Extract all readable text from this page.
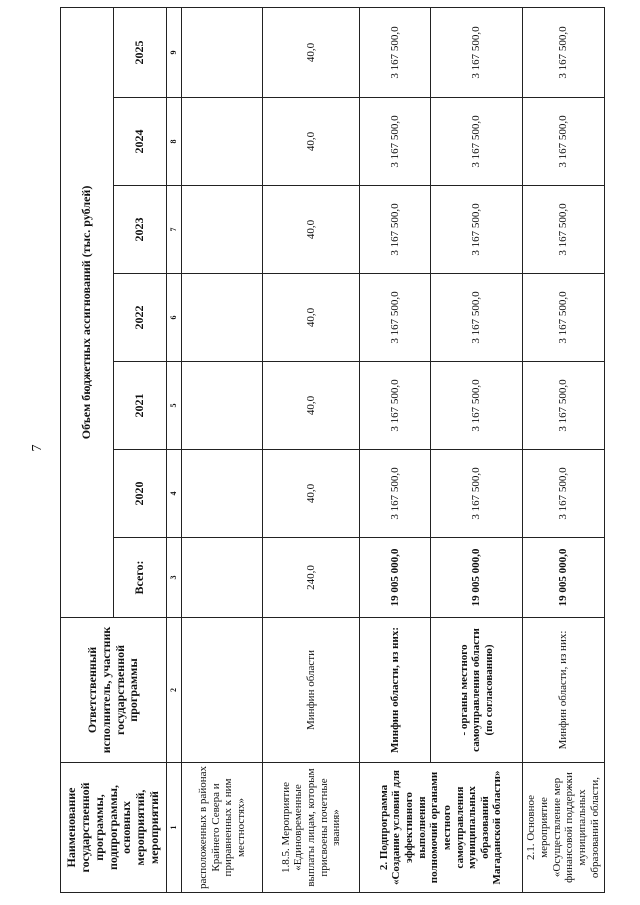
7
Наименование государственной программы, подпрограммы, основных мероприятий, мероприятий	Ответственный исполнитель, участник государственной программы	Объем бюджетных ассигнований (тыс. рублей)						
		Всего:	2020	2021	2022	2023	2024	2025
1	2	3	4	5	6	7	8	9
расположенных в районах Крайнего Севера и приравненных к ним местностях»								
1.8.5. Мероприятие «Единовременные выплаты лицам, которым присвоены почетные звания»	Минфин области	240,0	40,0	40,0	40,0	40,0	40,0	40,0
2. Подпрограмма «Создание условий для эффективного выполнения полномочий органами местного самоуправления муниципальных образований Магаданской области»	Минфин области, из них:	19 005 000,0	3 167 500,0	3 167 500,0	3 167 500,0	3 167 500,0	3 167 500,0	3 167 500,0
	- органы местного самоуправления области (по согласованию)	19 005 000,0	3 167 500,0	3 167 500,0	3 167 500,0	3 167 500,0	3 167 500,0	3 167 500,0
2.1. Основное мероприятие «Осуществление мер финансовой поддержки муниципальных образований области,	Минфин области, из них:	19 005 000,0	3 167 500,0	3 167 500,0	3 167 500,0	3 167 500,0	3 167 500,0	3 167 500,0
